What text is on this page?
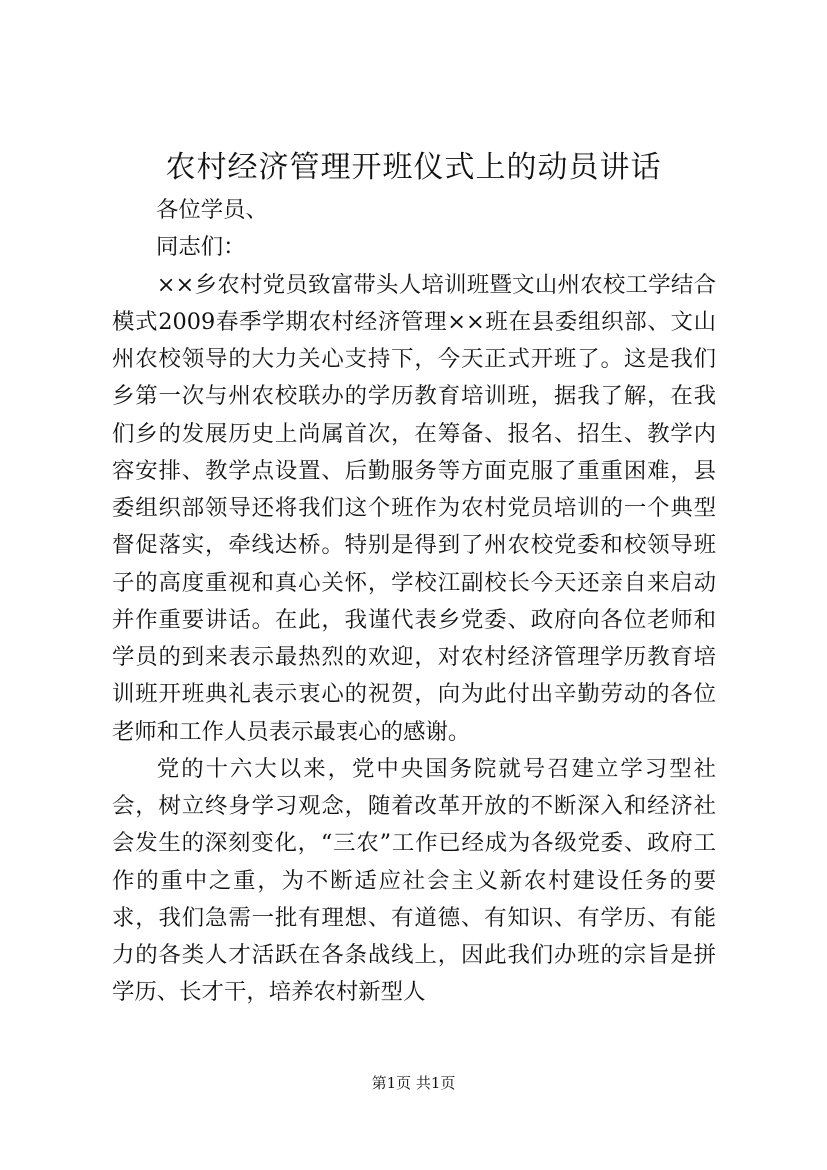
农村经济管理开班仪式上的动员讲话

各位学员、

同志们：

××乡农村党员致富带头人培训班暨文山州农校工学结合模式2009春季学期农村经济管理××班在县委组织部、文山州农校领导的大力关心支持下，今天正式开班了。这是我们乡第一次与州农校联办的学历教育培训班，据我了解，在我们乡的发展历史上尚属首次，在筹备、报名、招生、教学内容安排、教学点设置、后勤服务等方面克服了重重困难，县委组织部领导还将我们这个班作为农村党员培训的一个典型督促落实，牵线达桥。特别是得到了州农校党委和校领导班子的高度重视和真心关怀，学校江副校长今天还亲自来启动并作重要讲话。在此，我谨代表乡党委、政府向各位老师和学员的到来表示最热烈的欢迎，对农村经济管理学历教育培训班开班典礼表示衷心的祝贺，向为此付出辛勤劳动的各位老师和工作人员表示最衷心的感谢。

党的十六大以来，党中央国务院就号召建立学习型社会，树立终身学习观念，随着改革开放的不断深入和经济社会发生的深刻变化，“三农”工作已经成为各级党委、政府工作的重中之重，为不断适应社会主义新农村建设任务的要求，我们急需一批有理想、有道德、有知识、有学历、有能力的各类人才活跃在各条战线上，因此我们办班的宗旨是拼学历、长才干，培养农村新型人

第1页 共1页
